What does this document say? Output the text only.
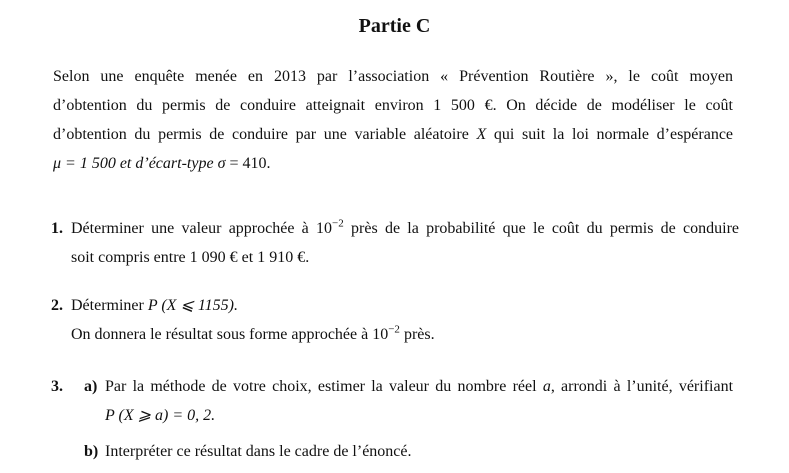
Partie C
Selon une enquête menée en 2013 par l’association « Prévention Routière », le coût moyen
d’obtention du permis de conduire atteignait environ 1 500 €. On décide de modéliser le coût
d’obtention du permis de conduire par une variable aléatoire X qui suit la loi normale d’espérance
μ = 1 500 et d’écart-type σ = 410.
1. Déterminer une valeur approchée à $10^{-2}$ près de la probabilité que le coût du permis de conduire
soit compris entre 1 090 € et 1 910 €.
2. Déterminer P (X ⩽ 1155).
On donnera le résultat sous forme approchée à $10^{-2}$ près.
3. a) Par la méthode de votre choix, estimer la valeur du nombre réel a, arrondi à l’unité, vérifiant
P (X ⩾ a) = 0, 2.
b) Interpréter ce résultat dans le cadre de l’énoncé.
